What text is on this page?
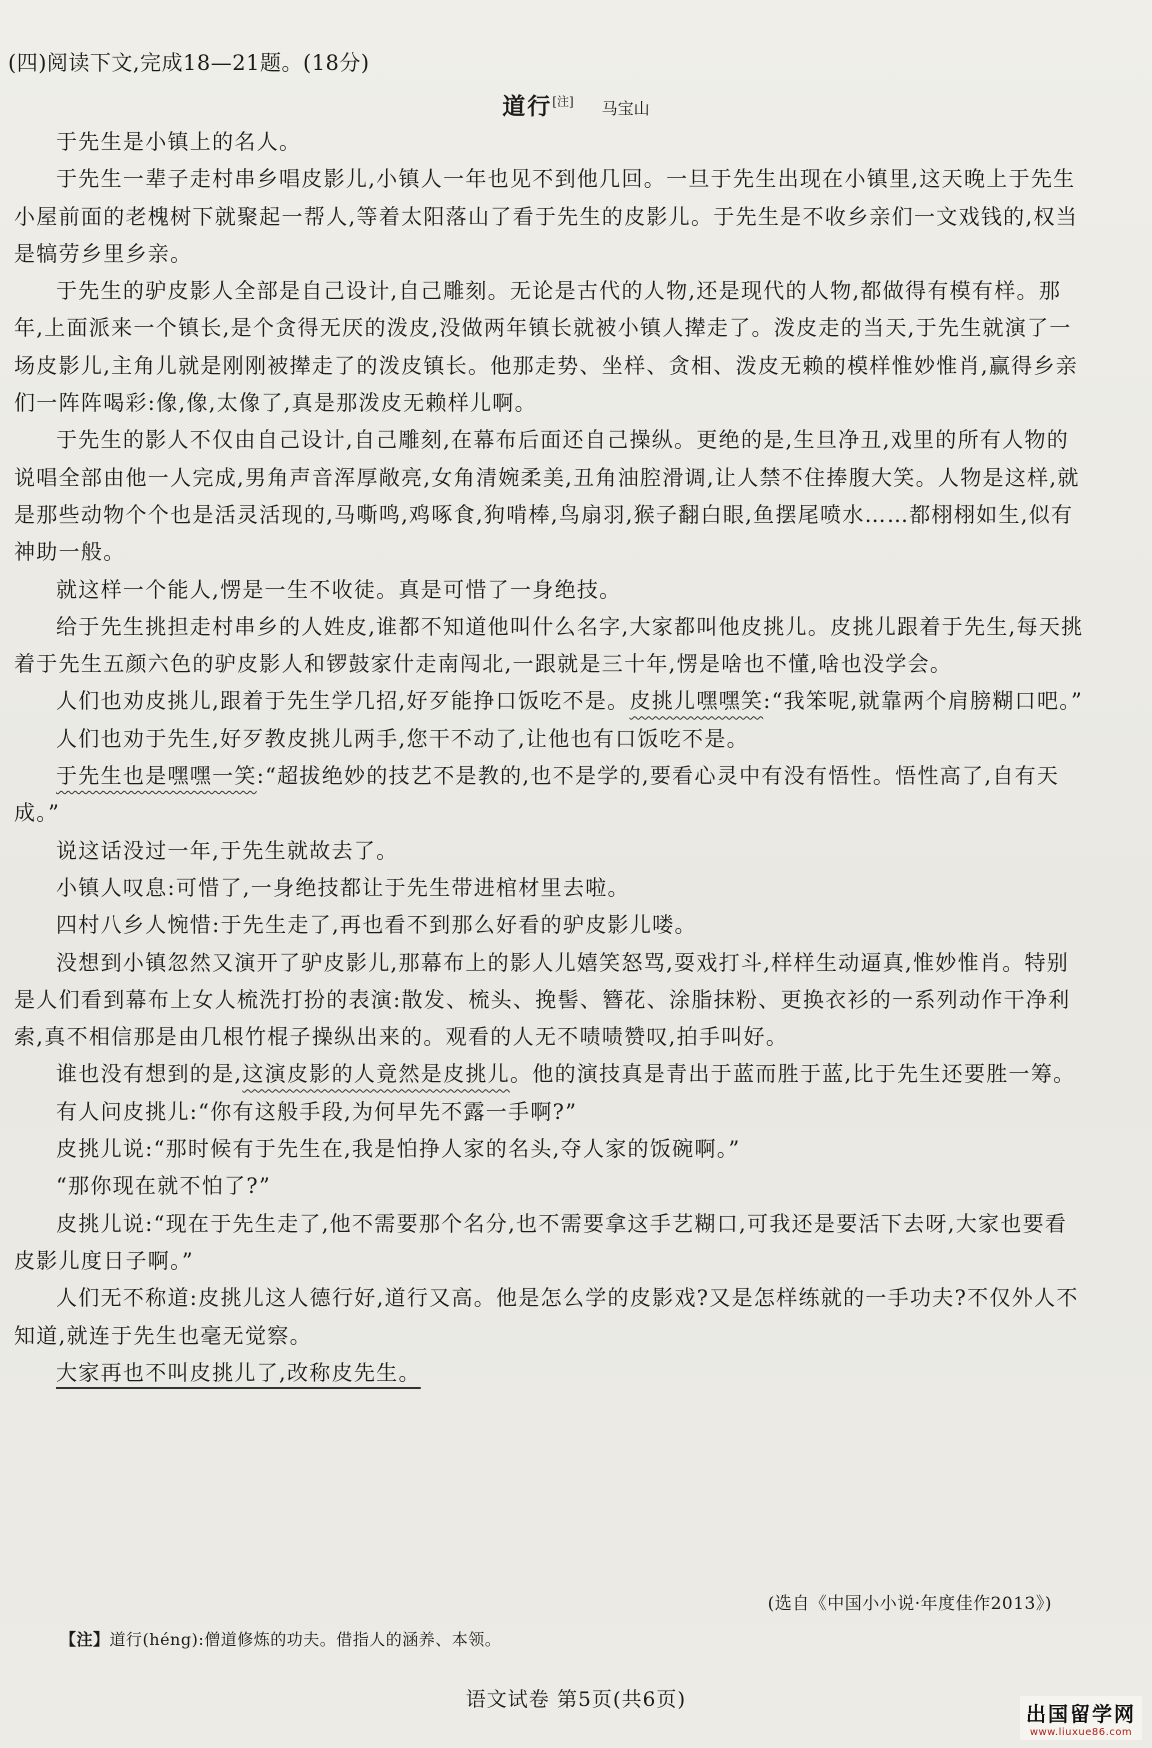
(四)阅读下文,完成18—21题。(18分)
道行[注] 马宝山

于先生是小镇上的名人。

于先生一辈子走村串乡唱皮影儿,小镇人一年也见不到他几回。一旦于先生出现在小镇里,这天晚上于先生小屋前面的老槐树下就聚起一帮人,等着太阳落山了看于先生的皮影儿。于先生是不收乡亲们一文戏钱的,权当是犒劳乡里乡亲。

于先生的驴皮影人全部是自己设计,自己雕刻。无论是古代的人物,还是现代的人物,都做得有模有样。那年,上面派来一个镇长,是个贪得无厌的泼皮,没做两年镇长就被小镇人撵走了。泼皮走的当天,于先生就演了一场皮影儿,主角儿就是刚刚被撵走了的泼皮镇长。他那走势、坐样、贪相、泼皮无赖的模样惟妙惟肖,赢得乡亲们一阵阵喝彩:像,像,太像了,真是那泼皮无赖样儿啊。

于先生的影人不仅由自己设计,自己雕刻,在幕布后面还自己操纵。更绝的是,生旦净丑,戏里的所有人物的说唱全部由他一人完成,男角声音浑厚敞亮,女角清婉柔美,丑角油腔滑调,让人禁不住捧腹大笑。人物是这样,就是那些动物个个也是活灵活现的,马嘶鸣,鸡啄食,狗啃棒,鸟扇羽,猴子翻白眼,鱼摆尾喷水……都栩栩如生,似有神助一般。

就这样一个能人,愣是一生不收徒。真是可惜了一身绝技。

给于先生挑担走村串乡的人姓皮,谁都不知道他叫什么名字,大家都叫他皮挑儿。皮挑儿跟着于先生,每天挑着于先生五颜六色的驴皮影人和锣鼓家什走南闯北,一跟就是三十年,愣是啥也不懂,啥也没学会。

人们也劝皮挑儿,跟着于先生学几招,好歹能挣口饭吃不是。皮挑儿嘿嘿笑:“我笨呢,就靠两个肩膀糊口吧。”

人们也劝于先生,好歹教皮挑儿两手,您干不动了,让他也有口饭吃不是。

于先生也是嘿嘿一笑:“超拔绝妙的技艺不是教的,也不是学的,要看心灵中有没有悟性。悟性高了,自有天成。”

说这话没过一年,于先生就故去了。

小镇人叹息:可惜了,一身绝技都让于先生带进棺材里去啦。

四村八乡人惋惜:于先生走了,再也看不到那么好看的驴皮影儿喽。

没想到小镇忽然又演开了驴皮影儿,那幕布上的影人儿嬉笑怒骂,耍戏打斗,样样生动逼真,惟妙惟肖。特别是人们看到幕布上女人梳洗打扮的表演:散发、梳头、挽髻、簪花、涂脂抹粉、更换衣衫的一系列动作干净利索,真不相信那是由几根竹棍子操纵出来的。观看的人无不啧啧赞叹,拍手叫好。

谁也没有想到的是,这演皮影的人竟然是皮挑儿。他的演技真是青出于蓝而胜于蓝,比于先生还要胜一筹。

有人问皮挑儿:“你有这般手段,为何早先不露一手啊?”

皮挑儿说:“那时候有于先生在,我是怕挣人家的名头,夺人家的饭碗啊。”

“那你现在就不怕了?”

皮挑儿说:“现在于先生走了,他不需要那个名分,也不需要拿这手艺糊口,可我还是要活下去呀,大家也要看皮影儿度日子啊。”

人们无不称道:皮挑儿这人德行好,道行又高。他是怎么学的皮影戏?又是怎样练就的一手功夫?不仅外人不知道,就连于先生也毫无觉察。

大家再也不叫皮挑儿了,改称皮先生。

(选自《中国小小说·年度佳作2013》)
【注】道行(héng):僧道修炼的功夫。借指人的涵养、本领。
语文试卷 第5页(共6页)
出国留学网
www.liuxue86.com
